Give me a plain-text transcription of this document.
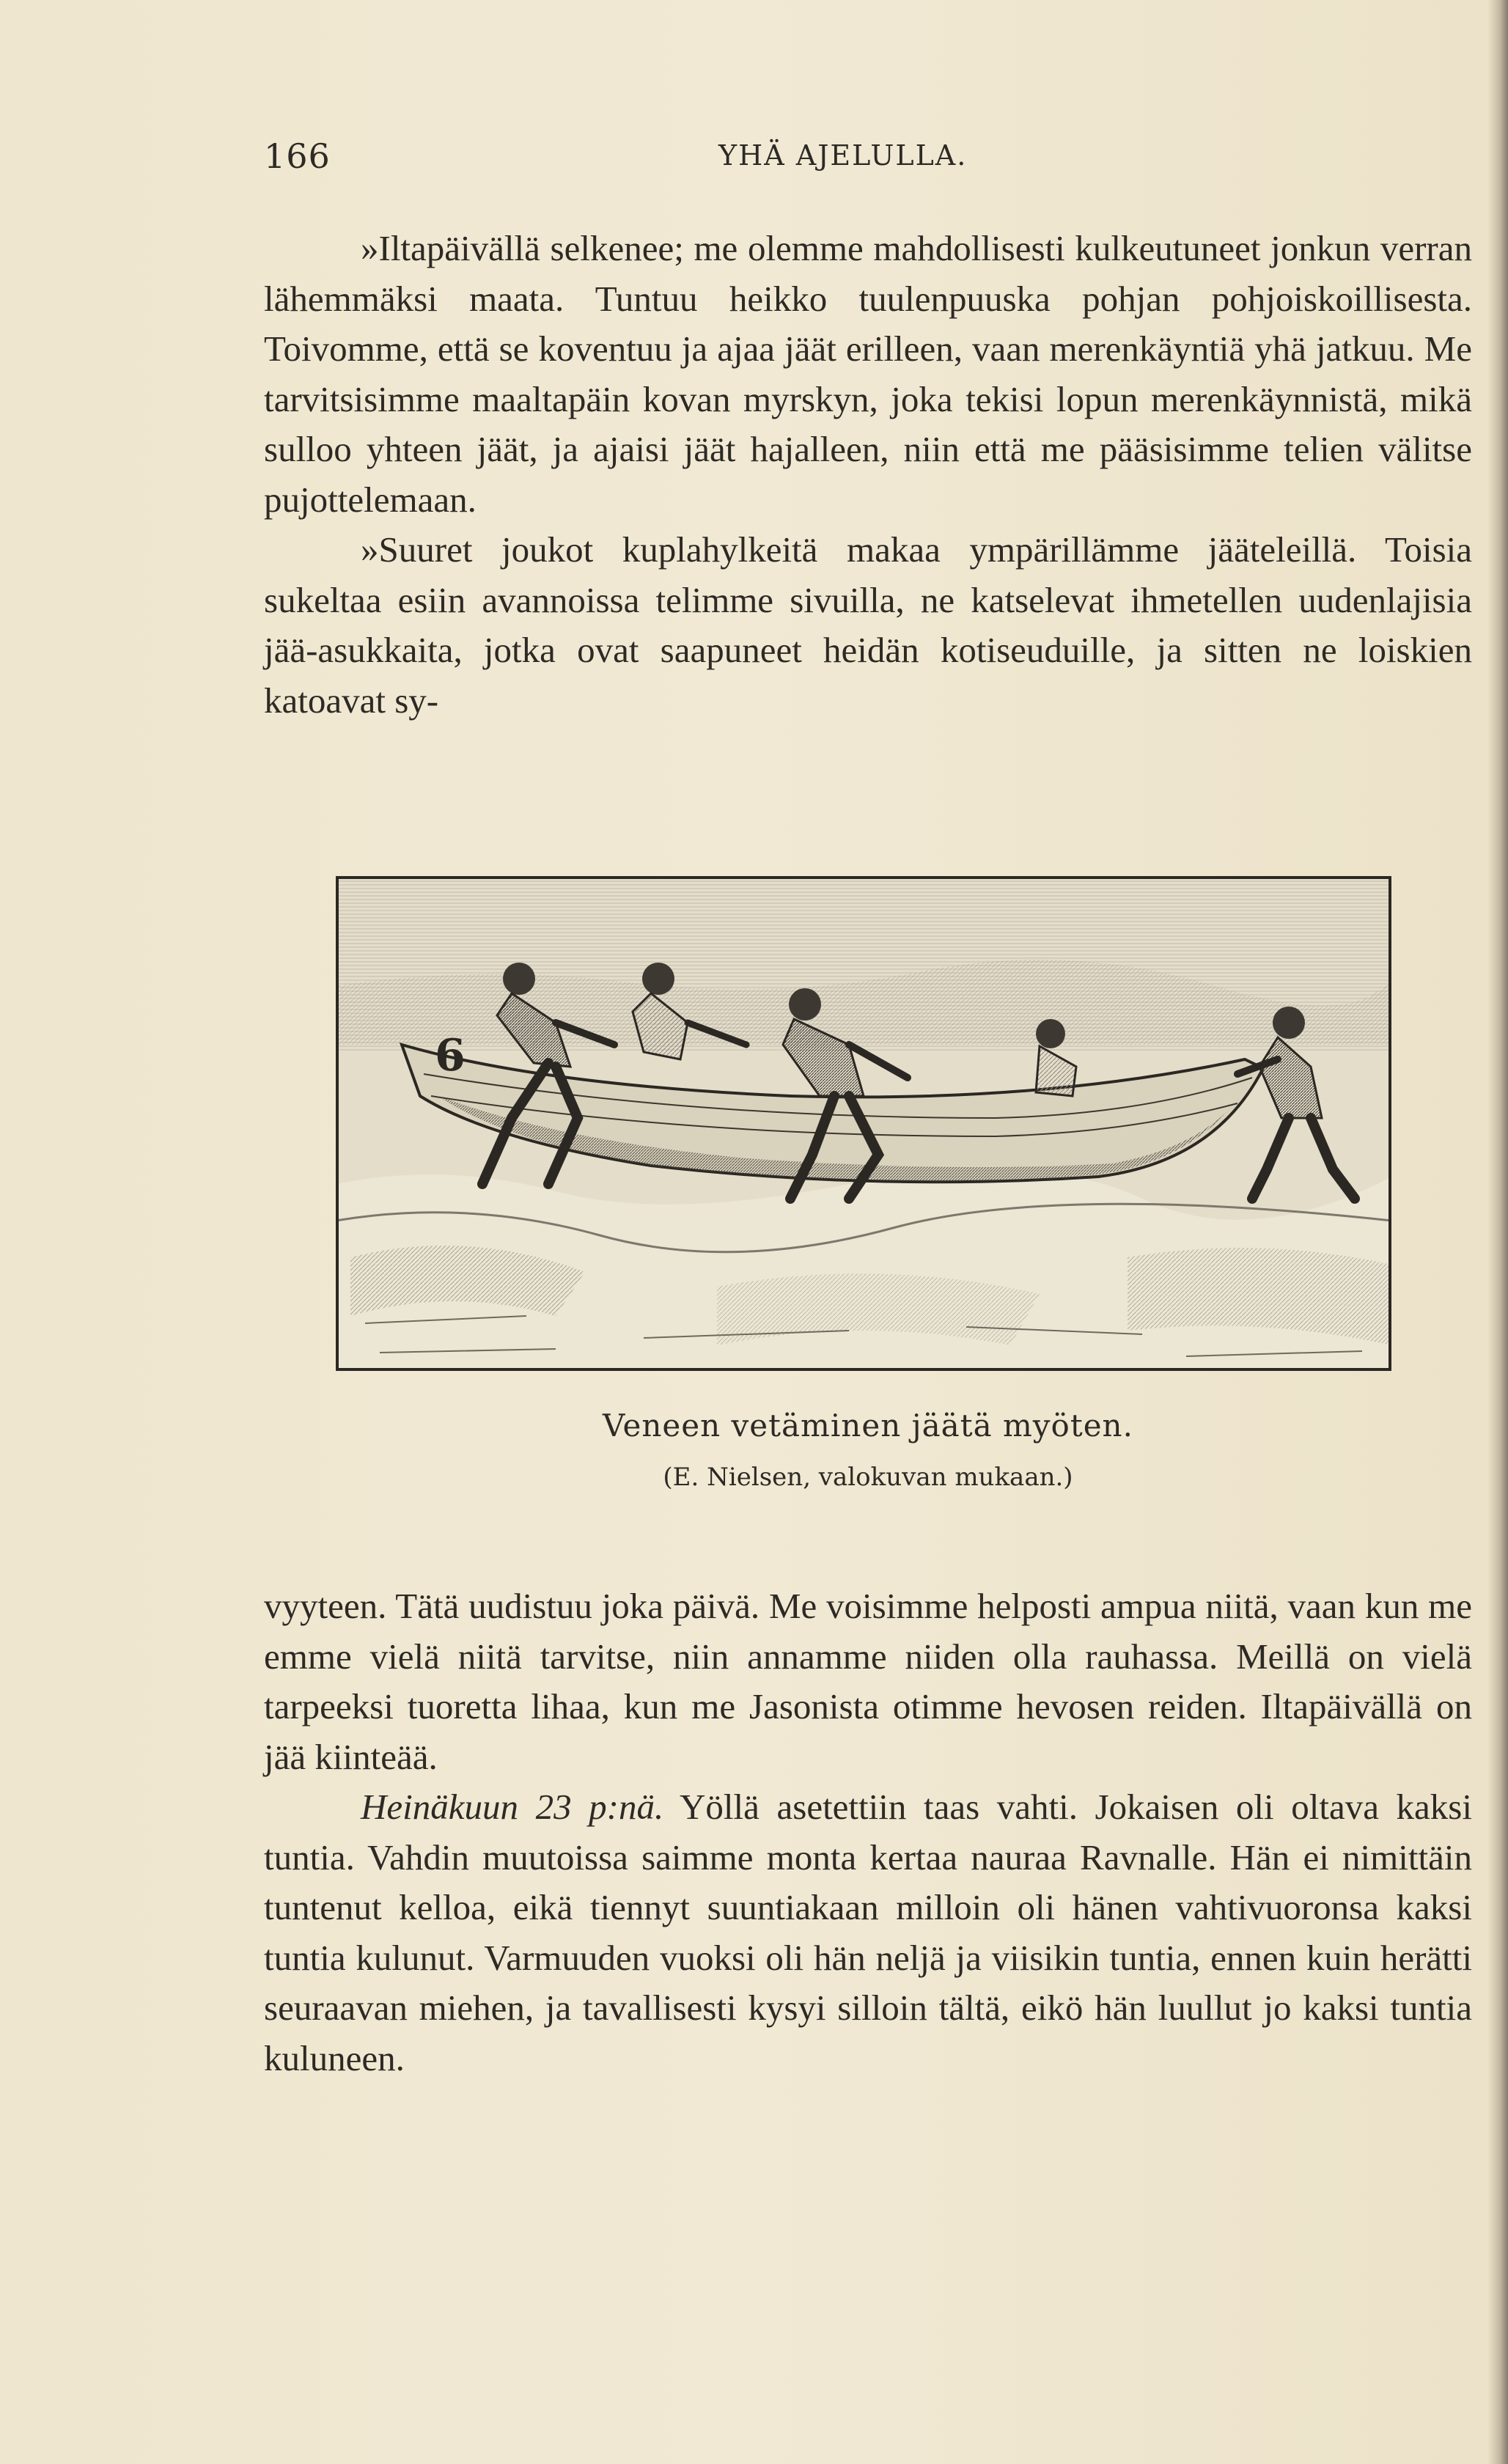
166	YHÄ AJELULLA.

»Iltapäivällä selkenee; me olemme mahdollisesti kulkeutuneet jonkun verran lähemmäksi maata. Tuntuu heikko tuulenpuuska pohjan pohjoiskoillisesta. Toivomme, että se koventuu ja ajaa jäät erilleen, vaan merenkäyntiä yhä jatkuu. Me tarvitsisimme maaltapäin kovan myrskyn, joka tekisi lopun merenkäynnistä, mikä sulloo yhteen jäät, ja ajaisi jäät hajalleen, niin että me pääsisimme telien välitse pujottelemaan.

»Suuret joukot kuplahylkeitä makaa ympärillämme jääteleillä. Toisia sukeltaa esiin avannoissa telimme sivuilla, ne katselevat ihmetellen uudenlajisia jää-asukkaita, jotka ovat saapuneet heidän kotiseuduille, ja sitten ne loiskien katoavat sy-

6
Veneen vetäminen jäätä myöten.
(E. Nielsen, valokuvan mukaan.)

vyyteen. Tätä uudistuu joka päivä. Me voisimme helposti ampua niitä, vaan kun me emme vielä niitä tarvitse, niin annamme niiden olla rauhassa. Meillä on vielä tarpeeksi tuoretta lihaa, kun me Jasonista otimme hevosen reiden. Iltapäivällä on jää kiinteää.

Heinäkuun 23 p:nä. Yöllä asetettiin taas vahti. Jokaisen oli oltava kaksi tuntia. Vahdin muutoissa saimme monta kertaa nauraa Ravnalle. Hän ei nimittäin tuntenut kelloa, eikä tiennyt suuntiakaan milloin oli hänen vahtivuoronsa kaksi tuntia kulunut. Varmuuden vuoksi oli hän neljä ja viisikin tuntia, ennen kuin herätti seuraavan miehen, ja tavallisesti kysyi silloin tältä, eikö hän luullut jo kaksi tuntia kuluneen.
